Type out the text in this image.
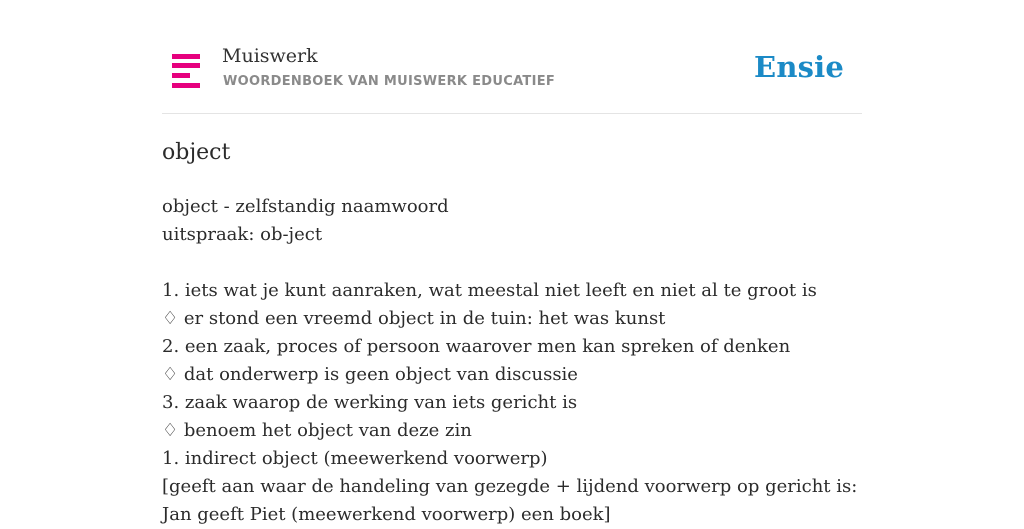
Muiswerk
WOORDENBOEK VAN MUISWERK EDUCATIEF	Ensie
object
object - zelfstandig naamwoord
uitspraak: ob-ject
1. iets wat je kunt aanraken, wat meestal niet leeft en niet al te groot is
♢ er stond een vreemd object in de tuin: het was kunst
2. een zaak, proces of persoon waarover men kan spreken of denken
♢ dat onderwerp is geen object van discussie
3. zaak waarop de werking van iets gericht is
♢ benoem het object van deze zin
1. indirect object (meewerkend voorwerp)
[geeft aan waar de handeling van gezegde + lijdend voorwerp op gericht is: Jan geeft Piet (meewerkend voorwerp) een boek]
